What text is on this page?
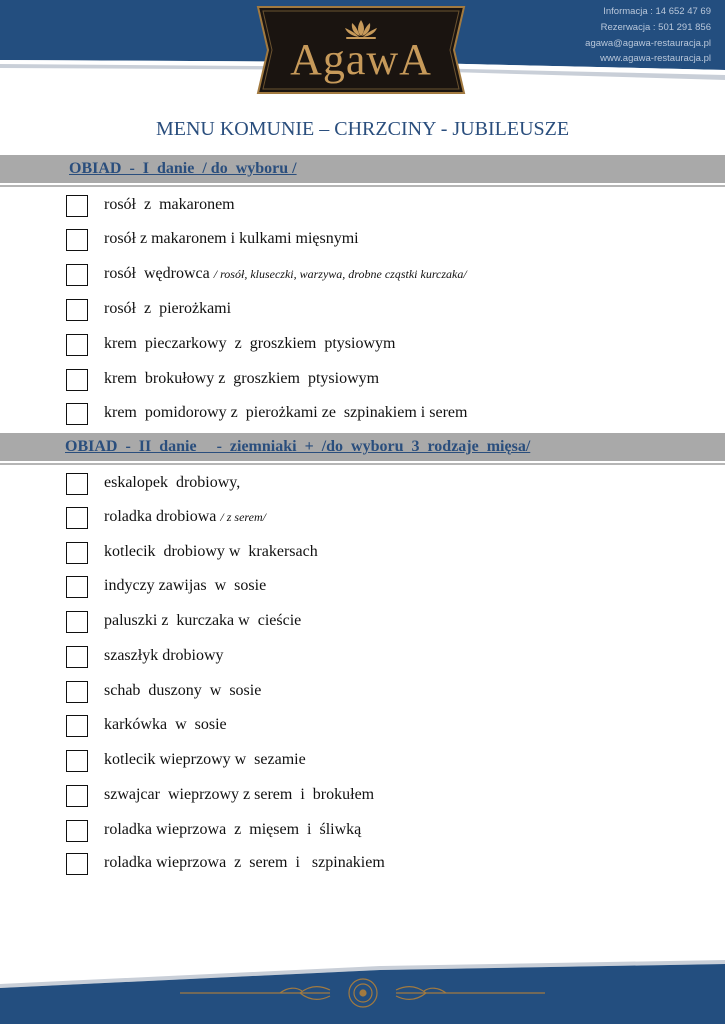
Informacja : 14 652 47 69
Rezerwacja : 501 291 856
agawa@agawa-restauracja.pl
www.agawa-restauracja.pl
AgawA
MENU KOMUNIE – CHRZCINY - JUBILEUSZE
OBIAD  -  I  danie  / do  wyboru /
rosół  z  makaronem
rosół z makaronem i kulkami mięsnymi
rosół  wędrowca / rosół, kluseczki, warzywa, drobne cząstki kurczaka/
rosół  z  pierożkami
krem  pieczarkowy  z  groszkiem  ptysiowym
krem  brokułowy z  groszkiem  ptysiowym
krem  pomidorowy z  pierożkami ze  szpinakiem i serem
OBIAD  -  II  danie     -  ziemniaki  +  /do  wyboru  3  rodzaje  mięsa/
eskalopek  drobiowy,
roladka drobiowa / z serem/
kotlecik  drobiowy w  krakersach
indyczy zawijas  w  sosie
paluszki z  kurczaka w  cieście
szaszłyk drobiowy
schab  duszony  w  sosie
karkówka  w  sosie
kotlecik wieprzowy w  sezamie
szwajcar  wieprzowy z serem  i  brokułem
roladka wieprzowa  z  mięsem  i  śliwką
roladka wieprzowa  z  serem  i   szpinakiem
